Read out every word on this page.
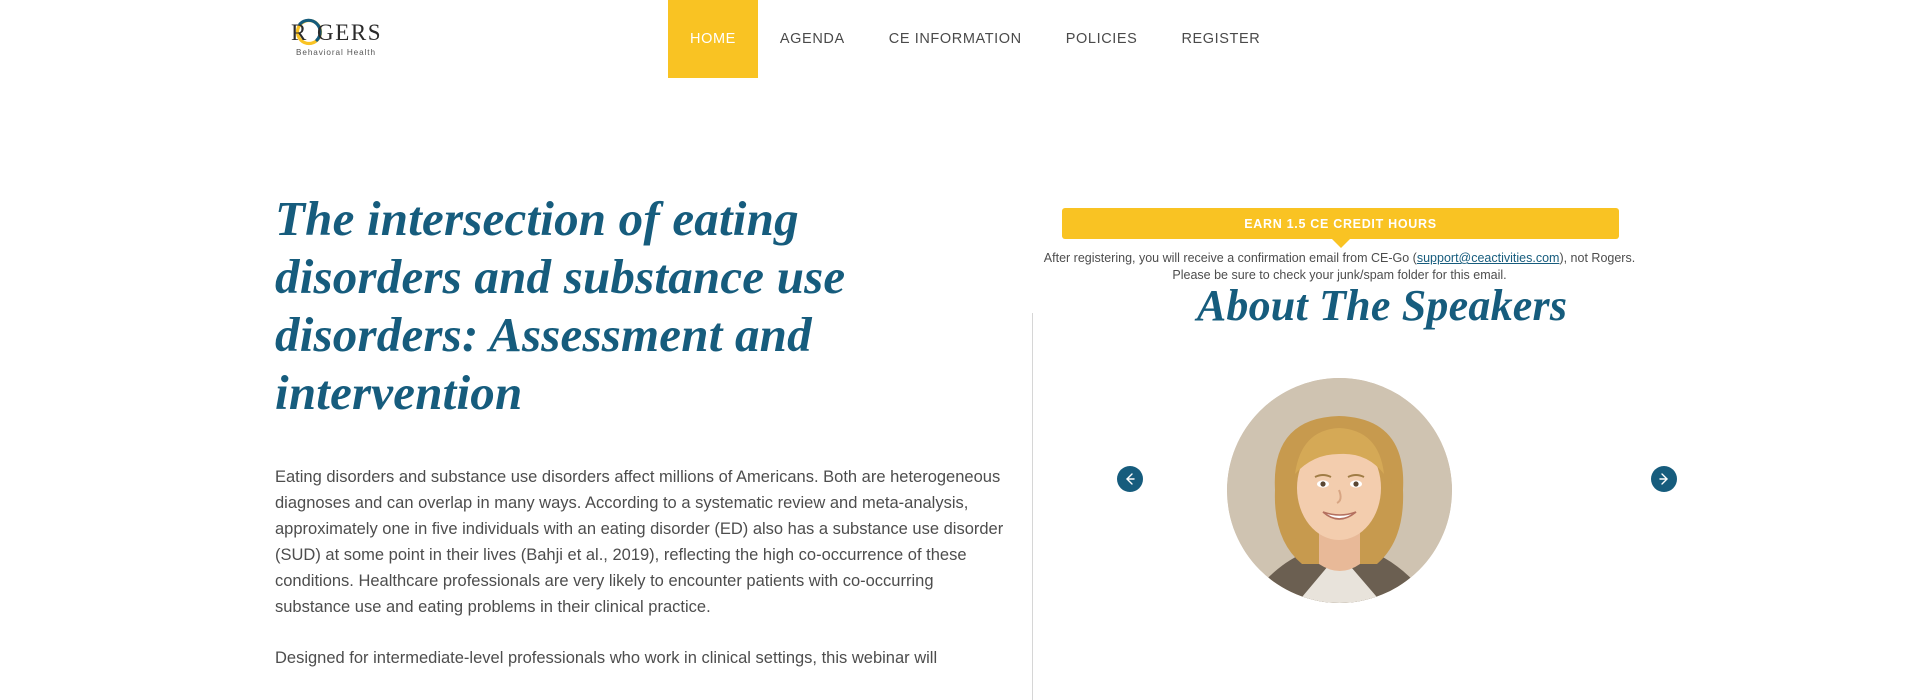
R GERS
Behavioral Health
HOME	AGENDA	CE INFORMATION	POLICIES	REGISTER
The intersection of eating disorders and substance use disorders: Assessment and intervention

Eating disorders and substance use disorders affect millions of Americans. Both are heterogeneous diagnoses and can overlap in many ways. According to a systematic review and meta-analysis, approximately one in five individuals with an eating disorder (ED) also has a substance use disorder (SUD) at some point in their lives (Bahji et al., 2019), reflecting the high co-occurrence of these conditions. Healthcare professionals are very likely to encounter patients with co-occurring substance use and eating problems in their clinical practice.

Designed for intermediate-level professionals who work in clinical settings, this webinar will

EARN 1.5 CE CREDIT HOURS
After registering, you will receive a confirmation email from CE-Go (support@ceactivities.com), not Rogers. Please be sure to check your junk/spam folder for this email.
About The Speakers
